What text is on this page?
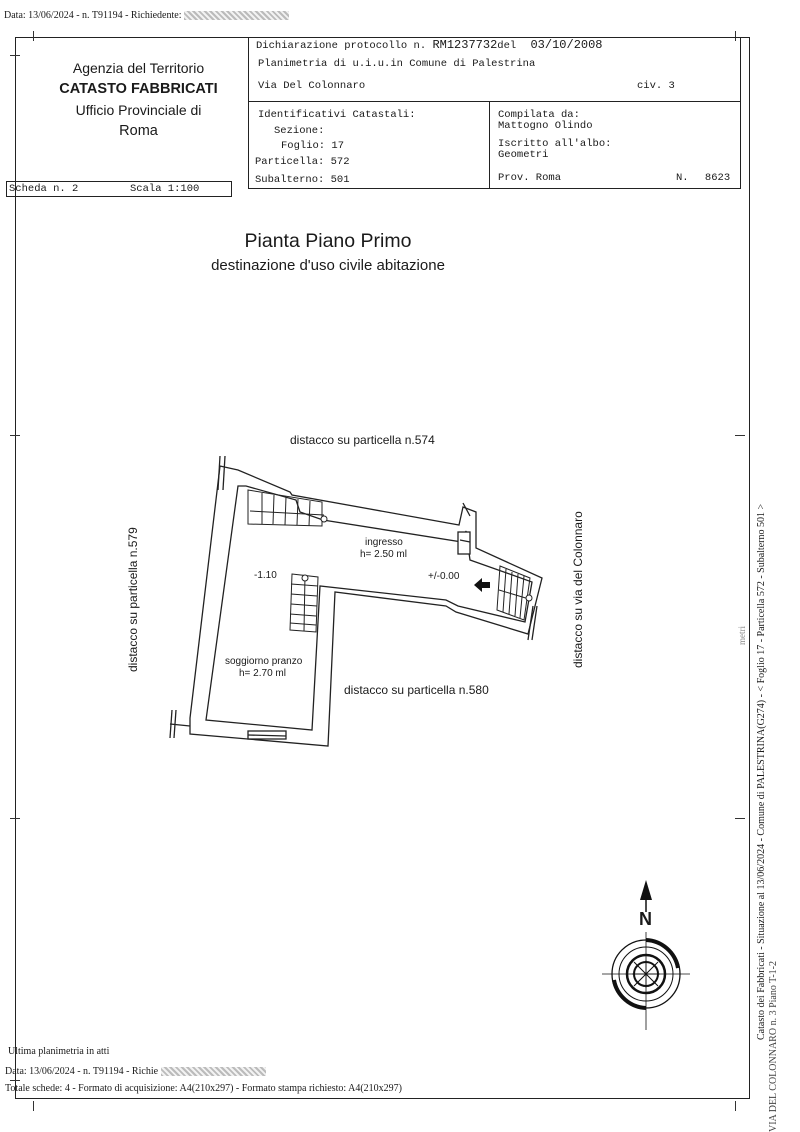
Data: 13/06/2024 - n. T91194 - Richiedente:
Agenzia del Territorio
CATASTO FABBRICATI
Ufficio Provinciale di
Roma
Dichiarazione protocollo n. RM1237732del 03/10/2008
Planimetria di u.i.u.in Comune di Palestrina
Via Del Colonnaro	civ. 3
Identificativi Catastali:
Sezione:
Foglio: 17
Particella: 572
Subalterno: 501
Compilata da:
Mattogno Olindo
Iscritto all'albo:
Geometri
Prov. Roma	N. 8623
Scheda n. 2	Scala 1:100
Pianta Piano Primo
destinazione d'uso civile abitazione
N
distacco su particella n.574
distacco su particella n.580
distacco su particella n.579	distacco su via del Colonnaro
-1.10	+/-0.00
ingresso
h= 2.50 ml
soggiorno pranzo
h= 2.70 ml	Catasto dei Fabbricati - Situazione al 13/06/2024 - Comune di PALESTRINA(G274) - < Foglio 17 - Particella 572 - Subalterno 501 >
VIA DEL COLONNARO n. 3 Piano T-1-2
metri
Ultima planimetria in atti
Data: 13/06/2024 - n. T91194 - Richie
Totale schede: 4 - Formato di acquisizione: A4(210x297) - Formato stampa richiesto: A4(210x297)
